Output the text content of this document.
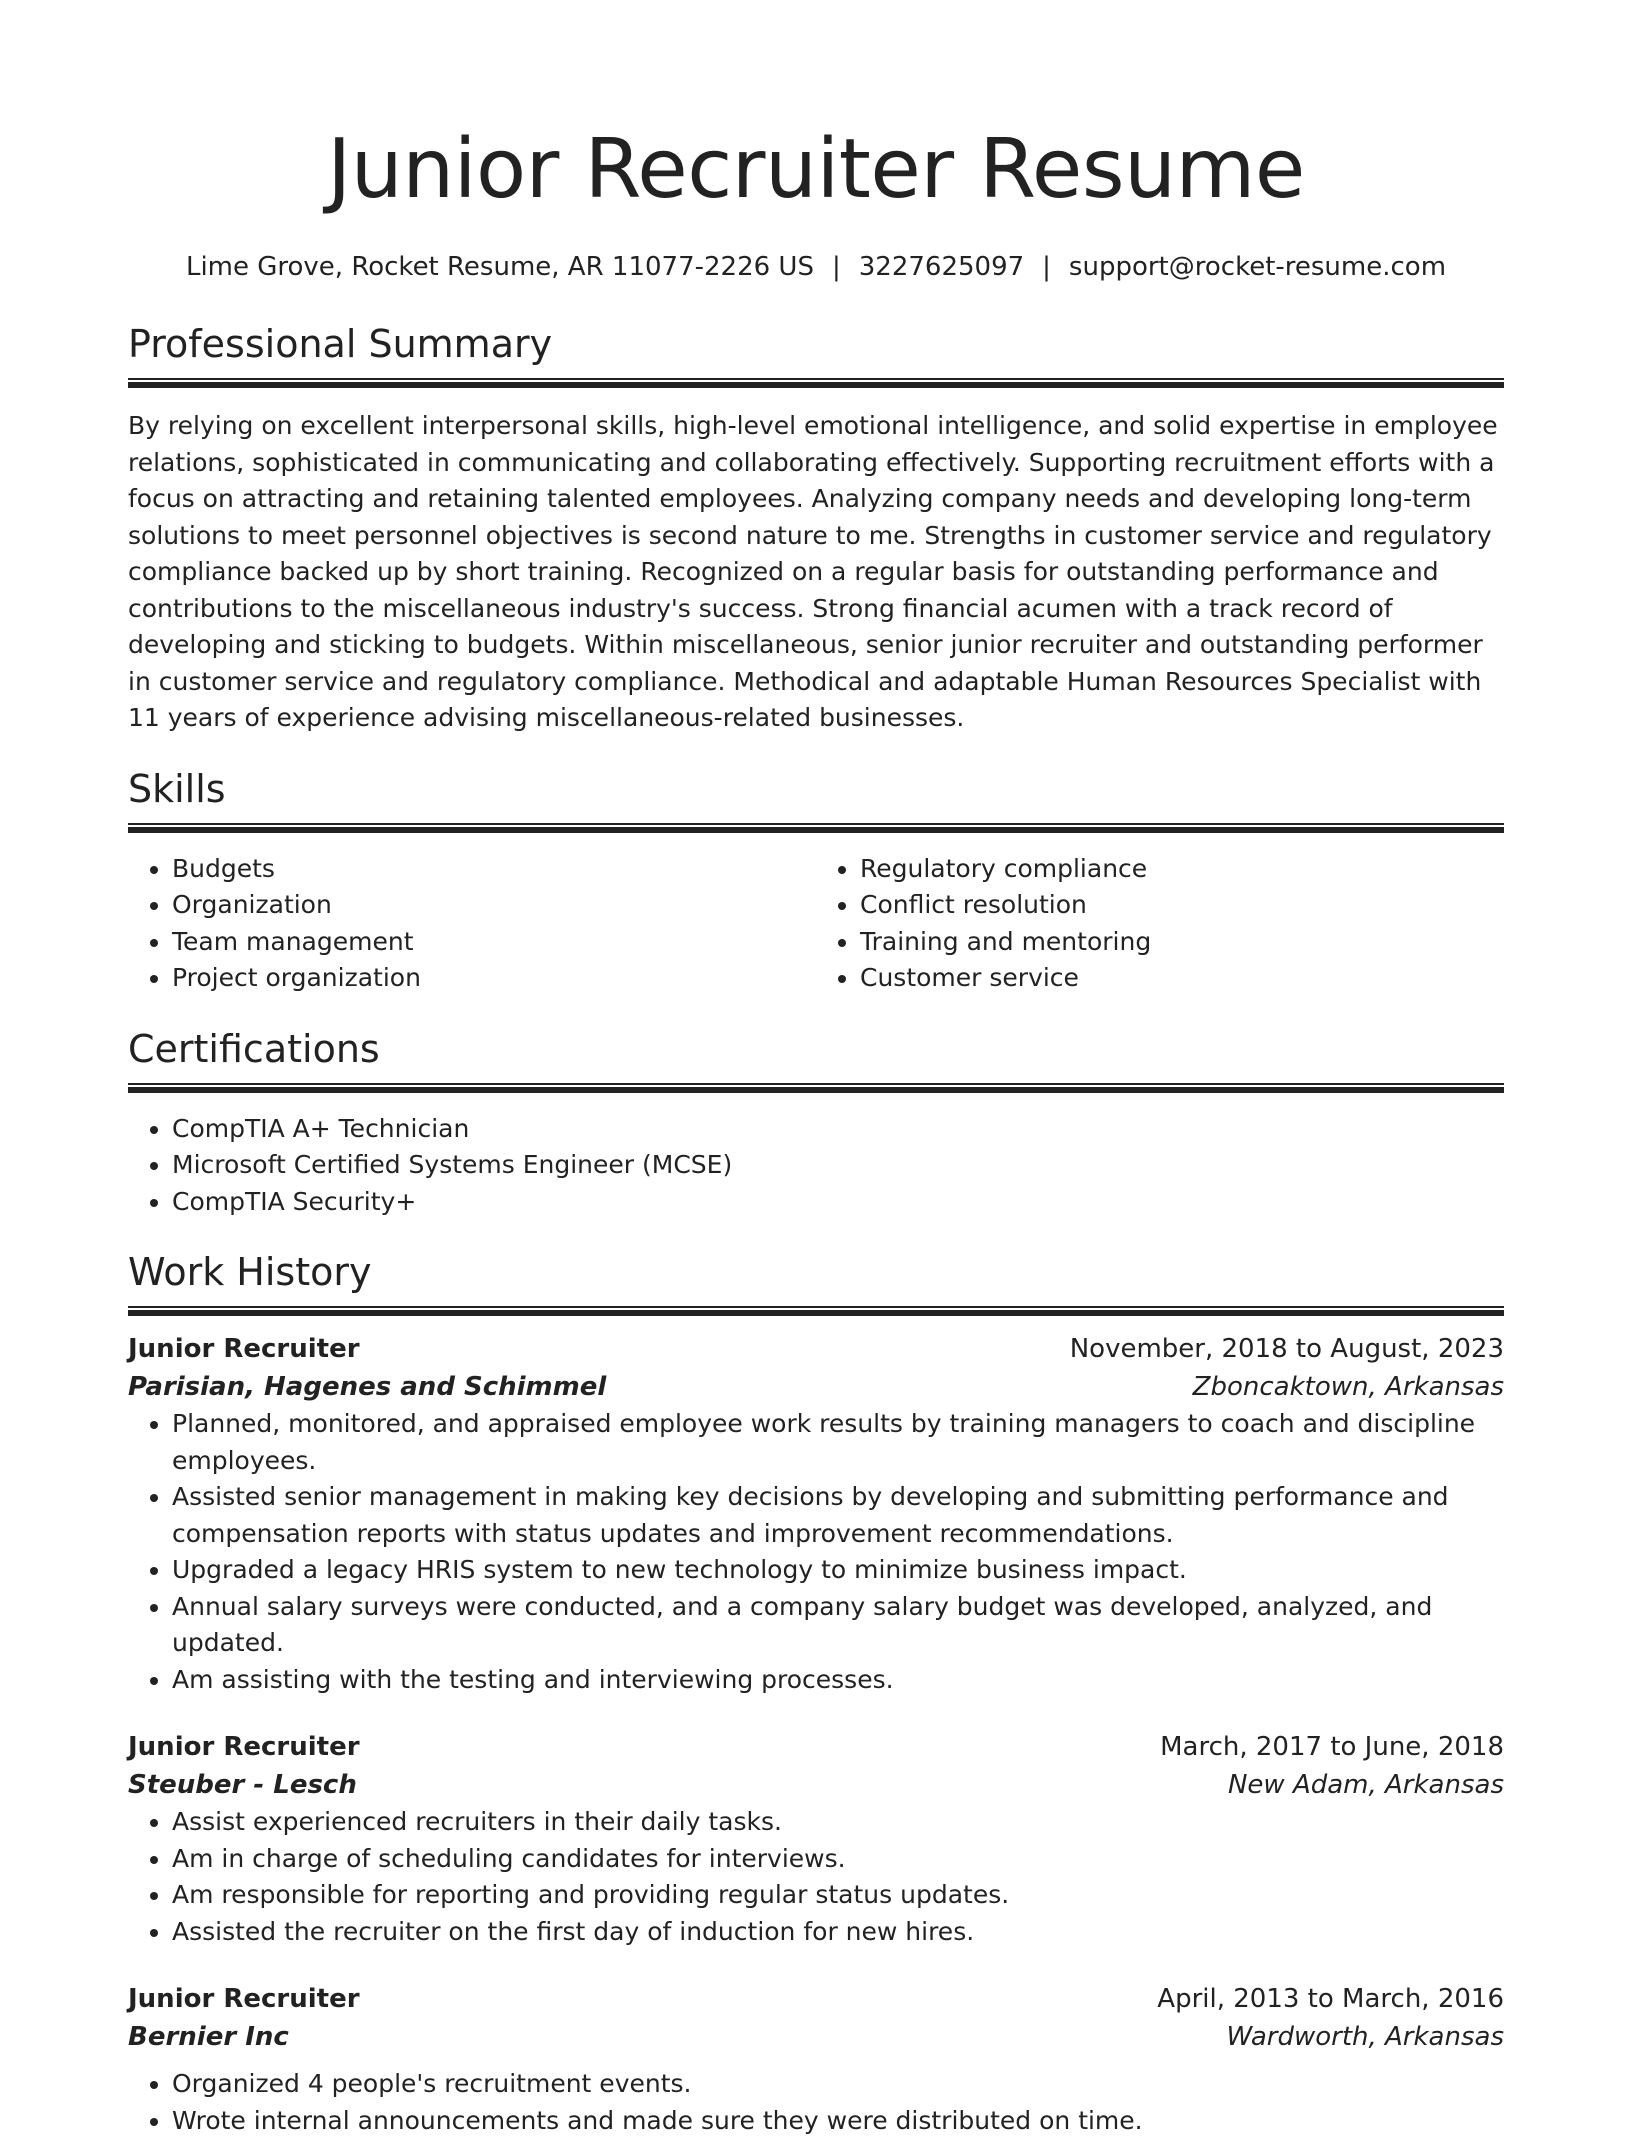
Junior Recruiter Resume
Lime Grove, Rocket Resume, AR 11077-2226 US | 3227625097 | support@rocket-resume.com
Professional Summary

By relying on excellent interpersonal skills, high-level emotional intelligence, and solid expertise in employee relations, sophisticated in communicating and collaborating effectively. Supporting recruitment efforts with a focus on attracting and retaining talented employees. Analyzing company needs and developing long-term solutions to meet personnel objectives is second nature to me. Strengths in customer service and regulatory compliance backed up by short training. Recognized on a regular basis for outstanding performance and contributions to the miscellaneous industry's success. Strong financial acumen with a track record of developing and sticking to budgets. Within miscellaneous, senior junior recruiter and outstanding performer in customer service and regulatory compliance. Methodical and adaptable Human Resources Specialist with 11 years of experience advising miscellaneous-related businesses.

Skills
• Budgets
• Organization
• Team management
• Project organization
• Regulatory compliance
• Conflict resolution
• Training and mentoring
• Customer service
Certifications
• CompTIA A+ Technician
• Microsoft Certified Systems Engineer (MCSE)
• CompTIA Security+
Work History
Junior Recruiter	November, 2018 to August, 2023
Parisian, Hagenes and Schimmel	Zboncaktown, Arkansas
• Planned, monitored, and appraised employee work results by training managers to coach and discipline employees.
• Assisted senior management in making key decisions by developing and submitting performance and compensation reports with status updates and improvement recommendations.
• Upgraded a legacy HRIS system to new technology to minimize business impact.
• Annual salary surveys were conducted, and a company salary budget was developed, analyzed, and updated.
• Am assisting with the testing and interviewing processes.
Junior Recruiter	March, 2017 to June, 2018
Steuber - Lesch	New Adam, Arkansas
• Assist experienced recruiters in their daily tasks.
• Am in charge of scheduling candidates for interviews.
• Am responsible for reporting and providing regular status updates.
• Assisted the recruiter on the first day of induction for new hires.
Junior Recruiter	April, 2013 to March, 2016
Bernier Inc	Wardworth, Arkansas
• Organized 4 people's recruitment events.
• Wrote internal announcements and made sure they were distributed on time.
